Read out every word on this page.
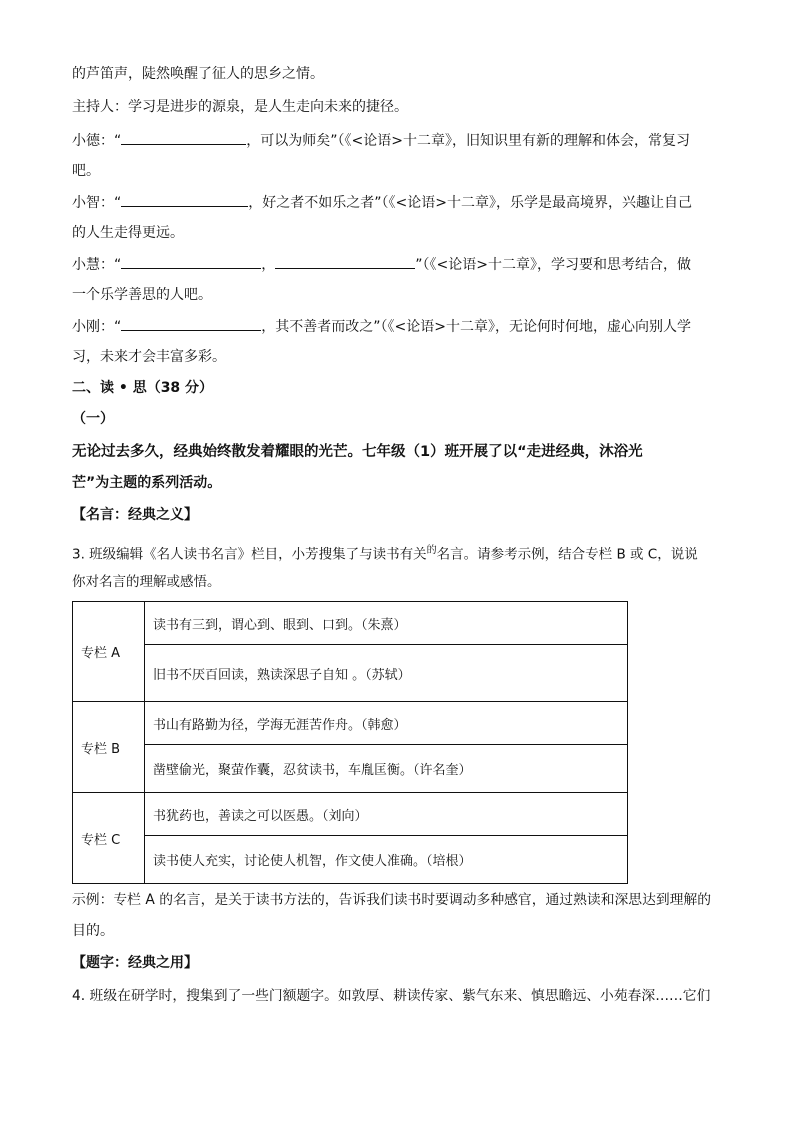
的芦笛声，陡然唤醒了征人的思乡之情。
主持人：学习是进步的源泉，是人生走向未来的捷径。
小德：“	，可以为师矣”（《<论语>十二章》，旧知识里有新的理解和体会，常复习
吧。
小智：“	，好之者不如乐之者”（《<论语>十二章》，乐学是最高境界，兴趣让自己
的人生走得更远。
小慧：“	，	”（《<论语>十二章》，学习要和思考结合，做
一个乐学善思的人吧。
小刚：“	，其不善者而改之”（《<论语>十二章》，无论何时何地，虚心向别人学
习，未来才会丰富多彩。
二、读 • 思（38 分）
（一）
无论过去多久，经典始终散发着耀眼的光芒。七年级（1）班开展了以“走进经典，沐浴光
芒”为主题的系列活动。
【名言：经典之义】
3. 班级编辑《名人读书名言》栏目，小芳搜集了与读书有关$^的$名言。请参考示例，结合专栏 B 或 C，说说
你对名言的理解或感悟。
专栏 A	读书有三到，谓心到、眼到、口到。（朱熹）
	旧书不厌百回读，熟读深思子自知 。（苏轼）
专栏 B	书山有路勤为径，学海无涯苦作舟。（韩愈）
	凿壁偷光，聚萤作囊，忍贫读书，车胤匡衡。（许名奎）
专栏 C	书犹药也，善读之可以医愚。（刘向）
	读书使人充实，讨论使人机智，作文使人准确。（培根）
示例：专栏 A 的名言，是关于读书方法的，告诉我们读书时要调动多种感官，通过熟读和深思达到理解的
目的。
【题字：经典之用】
4. 班级在研学时，搜集到了一些门额题字。如敦厚、耕读传家、紫气东来、慎思瞻远、小苑春深……它们
